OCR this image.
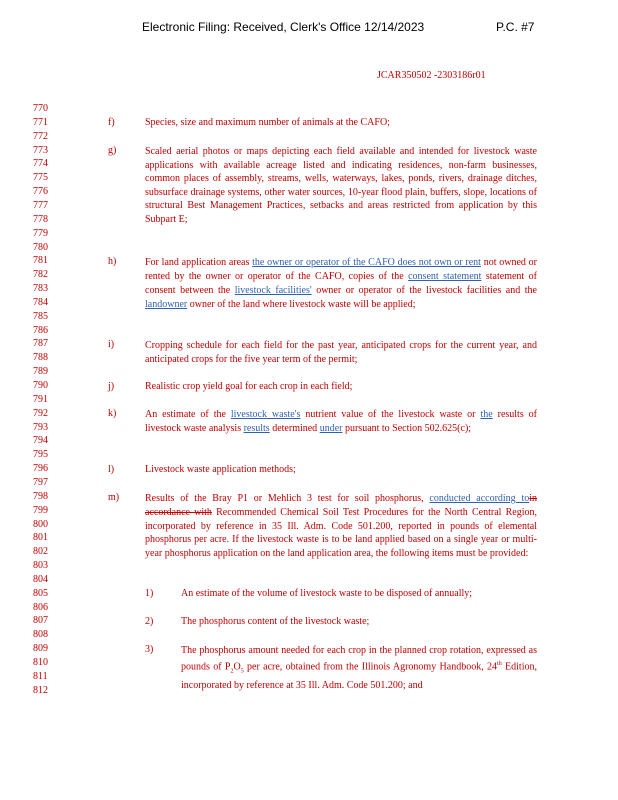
Electronic Filing: Received, Clerk's Office 12/14/2023	P.C. #7
JCAR350502 -2303186r01
770
771
772
773
774
775
776
777
778
779
780
781
782
783
784
785
786
787
788
789
790
791
792
793
794
795
796
797
798
799
800
801
802
803
804
805
806
807
808
809
810
811
812
f)	Species, size and maximum number of animals at the CAFO;
g)	Scaled aerial photos or maps depicting each field available and intended for livestock waste applications with available acreage listed and indicating residences, non-farm businesses, common places of assembly, streams, wells, waterways, lakes, ponds, rivers, drainage ditches, subsurface drainage systems, other water sources, 10-year flood plain, buffers, slope, locations of structural Best Management Practices, setbacks and areas restricted from application by this Subpart E;
h)	For land application areas the owner or operator of the CAFO does not own or rent not owned or rented by the owner or operator of the CAFO, copies of the consent statement statement of consent between the livestock facilities' owner or operator of the livestock facilities and the landowner owner of the land where livestock waste will be applied;
i)	Cropping schedule for each field for the past year, anticipated crops for the current year, and anticipated crops for the five year term of the permit;
j)	Realistic crop yield goal for each crop in each field;
k)	An estimate of the livestock waste's nutrient value of the livestock waste or the results of livestock waste analysis results determined under pursuant to Section 502.625(c);
l)	Livestock waste application methods;
m)	Results of the Bray P1 or Mehlich 3 test for soil phosphorus, conducted according toin accordance with Recommended Chemical Soil Test Procedures for the North Central Region, incorporated by reference in 35 Ill. Adm. Code 501.200, reported in pounds of elemental phosphorus per acre. If the livestock waste is to be land applied based on a single year or multi-year phosphorus application on the land application area, the following items must be provided:
1)	An estimate of the volume of livestock waste to be disposed of annually;
2)	The phosphorus content of the livestock waste;
3)	The phosphorus amount needed for each crop in the planned crop rotation, expressed as pounds of $P_2O_5$ per acre, obtained from the Illinois Agronomy Handbook, 24th Edition, incorporated by reference at 35 Ill. Adm. Code 501.200; and
